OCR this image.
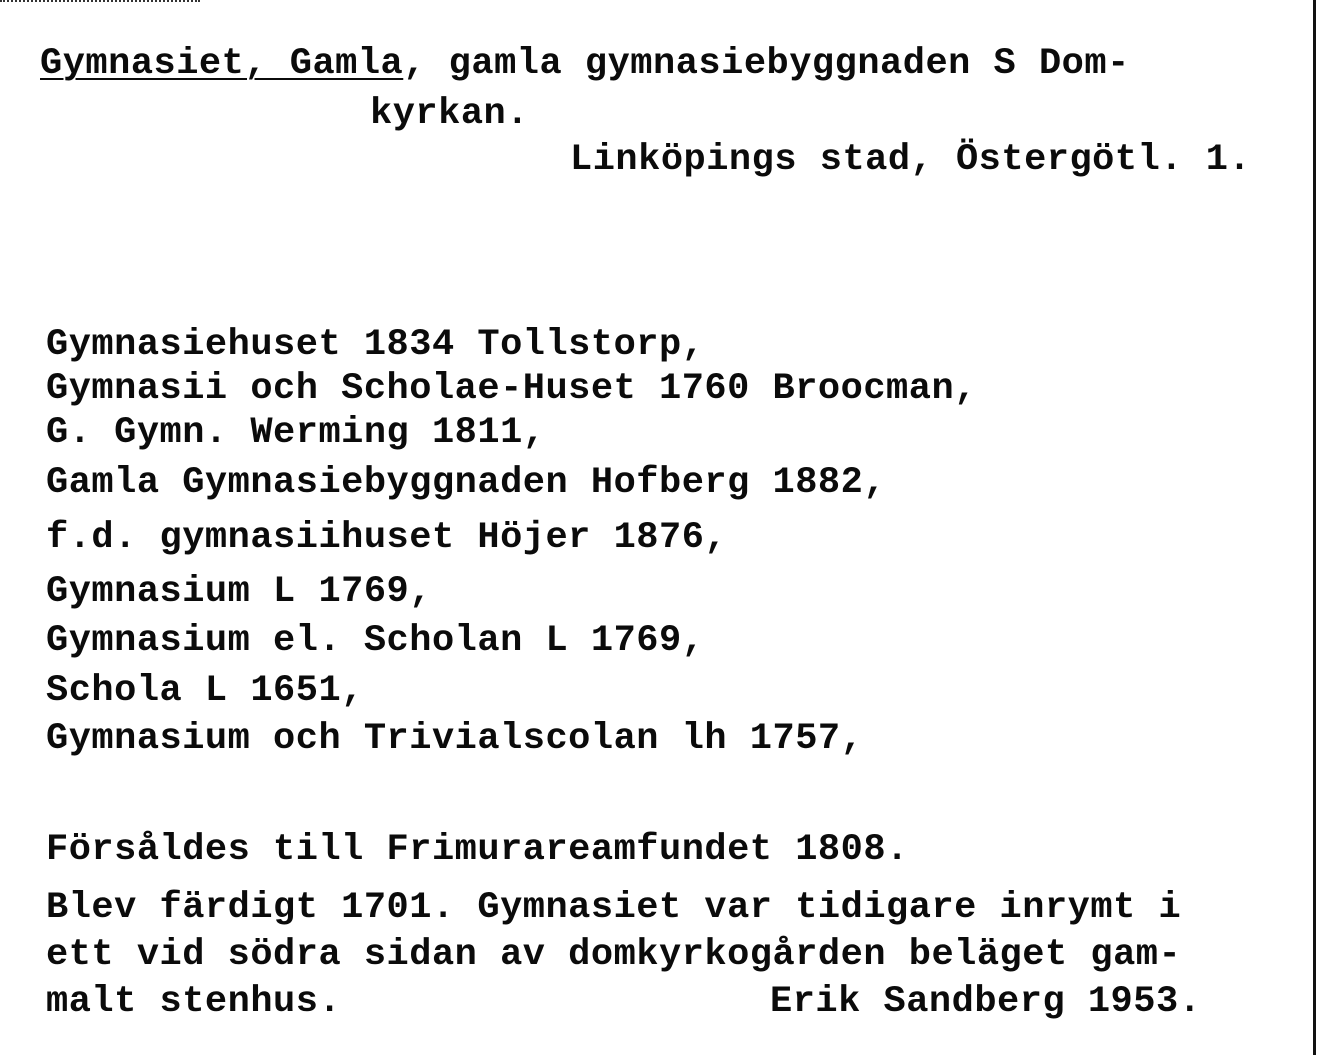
Gymnasiet, Gamla, gamla gymnasiebyggnaden S Dom-
kyrkan.
Linköpings stad, Östergötl. 1.
Gymnasiehuset 1834 Tollstorp,
Gymnasii och Scholae-Huset 1760 Broocman,
G. Gymn. Werming 1811,
Gamla Gymnasiebyggnaden Hofberg 1882,
f.d. gymnasiihuset Höjer 1876,
Gymnasium L 1769,
Gymnasium el. Scholan L 1769,
Schola L 1651,
Gymnasium och Trivialscolan lh 1757,
Försåldes till Frimurareamfundet 1808.
Blev färdigt 1701. Gymnasiet var tidigare inrymt i
ett vid södra sidan av domkyrkogården beläget gam-
malt stenhus.	Erik Sandberg 1953.
